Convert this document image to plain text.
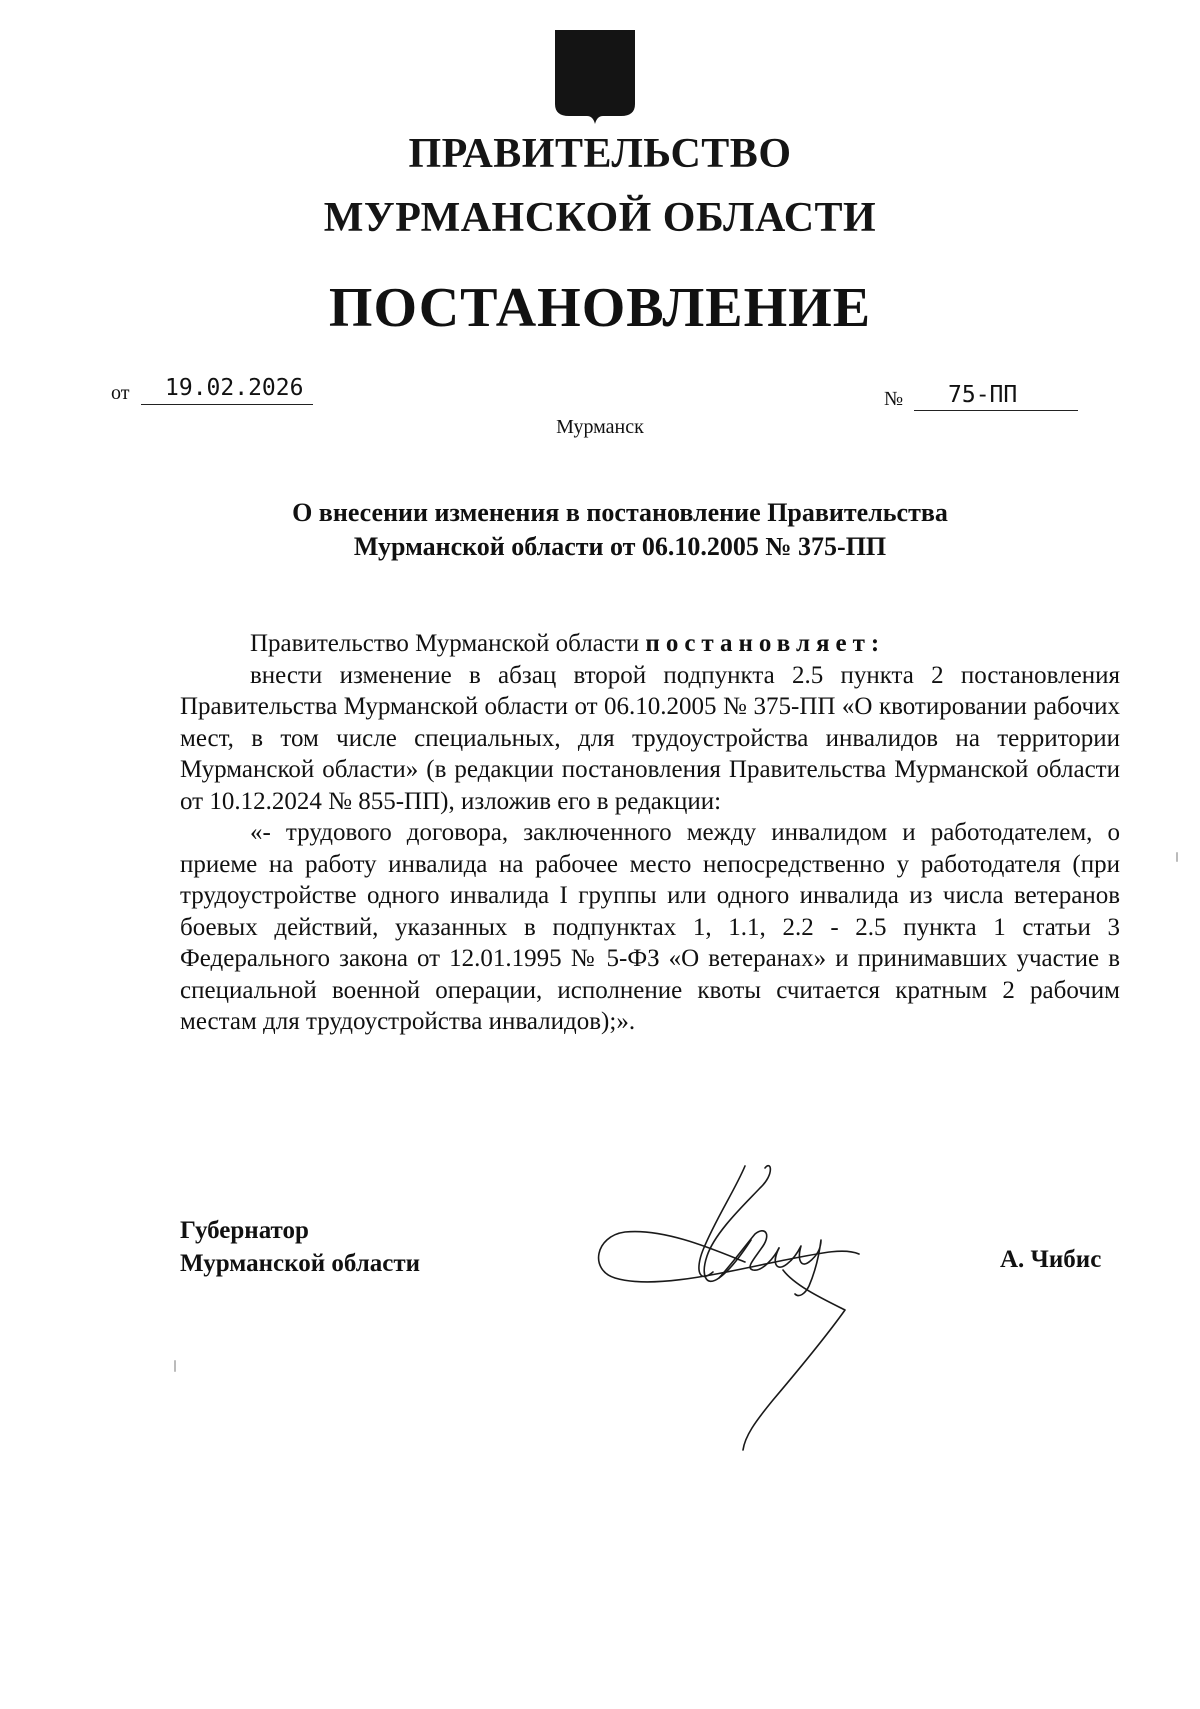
ПРАВИТЕЛЬСТВО
МУРМАНСКОЙ ОБЛАСТИ
ПОСТАНОВЛЕНИЕ
от	19.02.2026	№	75-ПП
Мурманск
О внесении изменения в постановление Правительства
Мурманской области от 06.10.2005 № 375-ПП

Правительство Мурманской области постановляет:

внести изменение в абзац второй подпункта 2.5 пункта 2 постановления Правительства Мурманской области от 06.10.2005 № 375-ПП «О квотировании рабочих мест, в том числе специальных, для трудоустройства инвалидов на территории Мурманской области» (в редакции постановления Правительства Мурманской области от 10.12.2024 № 855-ПП), изложив его в редакции:

«- трудового договора, заключенного между инвалидом и работодателем, о приеме на работу инвалида на рабочее место непосредственно у работодателя (при трудоустройстве одного инвалида I группы или одного инвалида из числа ветеранов боевых действий, указанных в подпунктах 1, 1.1, 2.2 - 2.5 пункта 1 статьи 3 Федерального закона от 12.01.1995 № 5-ФЗ «О ветеранах» и принимавших участие в специальной военной операции, исполнение квоты считается кратным 2 рабочим местам для трудоустройства инвалидов);».

Губернатор
Мурманской области	А. Чибис
